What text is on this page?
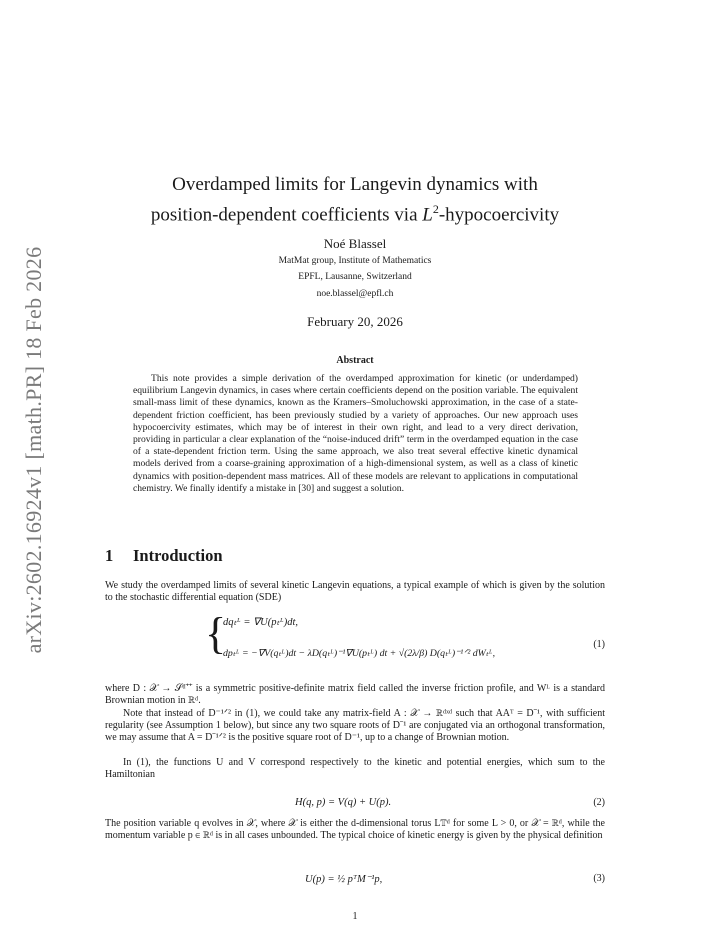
arXiv:2602.16924v1 [math.PR] 18 Feb 2026
Overdamped limits for Langevin dynamics with
position-dependent coefficients via $L^2$-hypocoercivity
Noé Blassel
MatMat group, Institute of Mathematics
EPFL, Lausanne, Switzerland
noe.blassel@epfl.ch
February 20, 2026
Abstract
This note provides a simple derivation of the overdamped approximation for kinetic (or underdamped) equilibrium Langevin dynamics, in cases where certain coefficients depend on the position variable. The equivalent small-mass limit of these dynamics, known as the Kramers–Smoluchowski approximation, in the case of a state-dependent friction coefficient, has been previously studied by a variety of approaches. Our new approach uses hypocoercivity estimates, which may be of interest in their own right, and lead to a very direct derivation, providing in particular a clear explanation of the “noise-induced drift” term in the overdamped equation in the case of a state-dependent friction term. Using the same approach, we also treat several effective kinetic dynamical models derived from a coarse-graining approximation of a high-dimensional system, as well as a class of kinetic dynamics with position-dependent mass matrices. All of these models are relevant to applications in computational chemistry. We finally identify a mistake in [30] and suggest a solution.
1 Introduction
We study the overdamped limits of several kinetic Langevin equations, a typical example of which is given by the solution to the stochastic differential equation (SDE)
{
dqₜᴸ = ∇U(pₜᴸ)dt,
dpₜᴸ = −∇V(qₜᴸ)dt − λD(qₜᴸ)⁻¹∇U(pₜᴸ) dt + √(2λ/β) D(qₜᴸ)⁻¹ᐟ² dWₜᴸ,
(1)
where D : 𝒳 → 𝒮ᵈ⁺⁺ is a symmetric positive-definite matrix field called the inverse friction profile, and Wᴸ is a standard Brownian motion in ℝᵈ.
Note that instead of D⁻¹ᐟ² in (1), we could take any matrix-field A : 𝒳 → ℝᵈˣᵈ such that AAᵀ = D⁻¹, with sufficient regularity (see Assumption 1 below), but since any two square roots of D⁻¹ are conjugated via an orthogonal transformation, we may assume that A = D⁻¹ᐟ² is the positive square root of D⁻¹, up to a change of Brownian motion.
In (1), the functions U and V correspond respectively to the kinetic and potential energies, which sum to the Hamiltonian
H(q, p) = V(q) + U(p).	(2)
The position variable q evolves in 𝒳, where 𝒳 is either the d-dimensional torus L𝕋ᵈ for some L > 0, or 𝒳 = ℝᵈ, while the momentum variable p ∈ ℝᵈ is in all cases unbounded. The typical choice of kinetic energy is given by the physical definition
U(p) = ½ pᵀM⁻¹p,	(3)
1
